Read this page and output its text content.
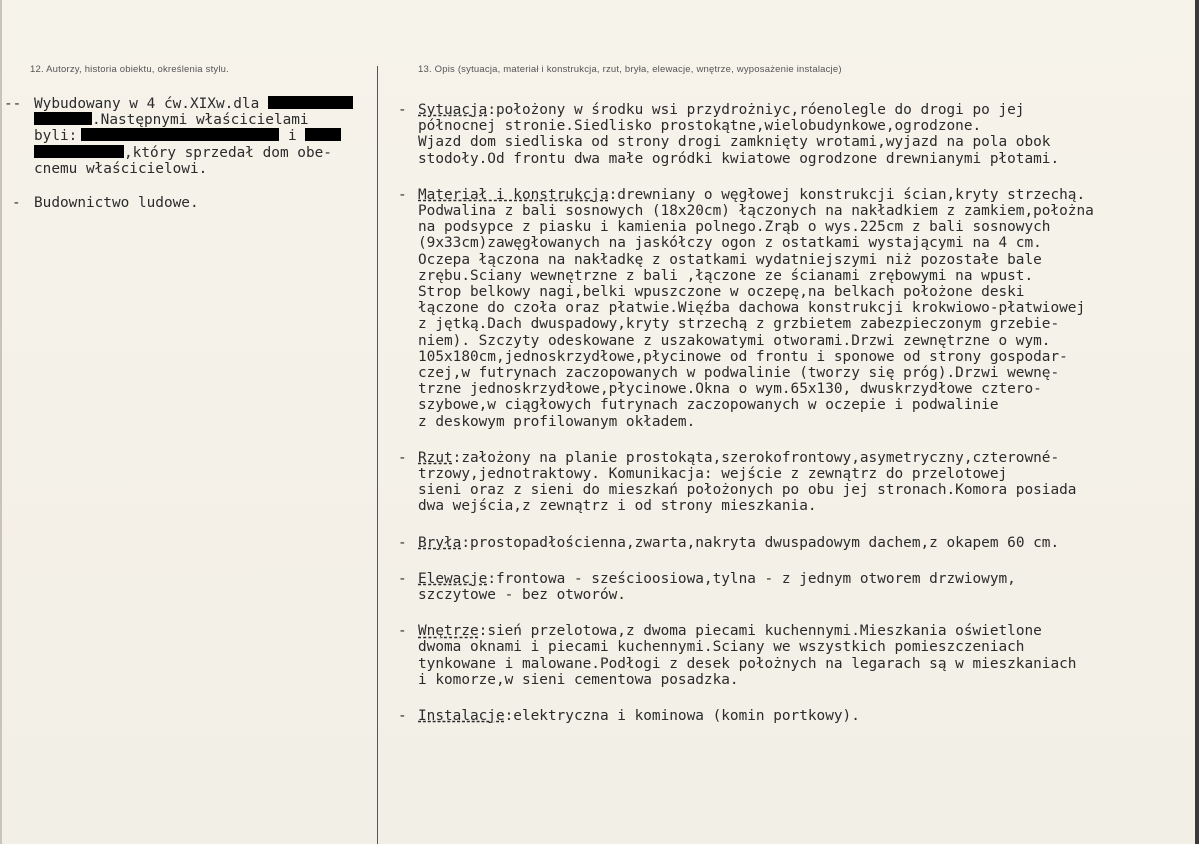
12. Autorzy, historia obiektu, określenia stylu.	13. Opis (sytuacja, materiał i konstrukcja, rzut, bryła, elewacje, wnętrze, wyposażenie instalacje)
-- Wybudowany w 4 ćw.XIXw.dla
.Następnymi właścicielami
byli:	i
,który sprzedał dom obe-
cnemu właścicielowi.
- Budownictwo ludowe.
- Sytuacja:położony w środku wsi przydrożniyc,róenolegle do drogi po jej
północnej stronie.Siedlisko prostokątne,wielobudynkowe,ogrodzone.
Wjazd dom siedliska od strony drogi zamknięty wrotami,wyjazd na pola obok
stodoły.Od frontu dwa małe ogródki kwiatowe ogrodzone drewnianymi płotami.
- Materiał i konstrukcja:drewniany o węgłowej konstrukcji ścian,kryty strzechą.
Podwalina z bali sosnowych (18x20cm) łączonych na nakładkiem z zamkiem,położna
na podsypce z piasku i kamienia polnego.Zrąb o wys.225cm z bali sosnowych
(9x33cm)zawęgłowanych na jaskółczy ogon z ostatkami wystającymi na 4 cm.
Oczepa łączona na nakładkę z ostatkami wydatniejszymi niż pozostałe bale
zrębu.Sciany wewnętrzne z bali ,łączone ze ścianami zrębowymi na wpust.
Strop belkowy nagi,belki wpuszczone w oczepę,na belkach położone deski
łączone do czoła oraz płatwie.Więźba dachowa konstrukcji krokwiowo-płatwiowej
z jętką.Dach dwuspadowy,kryty strzechą z grzbietem zabezpieczonym grzebie-
niem). Szczyty odeskowane z uszakowatymi otworami.Drzwi zewnętrzne o wym.
105x180cm,jednoskrzydłowe,płycinowe od frontu i sponowe od strony gospodar-
czej,w futrynach zaczopowanych w podwalinie (tworzy się próg).Drzwi wewnę-
trzne jednoskrzydłowe,płycinowe.Okna o wym.65x130, dwuskrzydłowe cztero-
szybowe,w ciągłowych futrynach zaczopowanych w oczepie i podwalinie
z deskowym profilowanym okładem.
- Rzut:założony na planie prostokąta,szerokofrontowy,asymetryczny,czterowné-
trzowy,jednotraktowy. Komunikacja: wejście z zewnątrz do przelotowej
sieni oraz z sieni do mieszkań położonych po obu jej stronach.Komora posiada
dwa wejścia,z zewnątrz i od strony mieszkania.
- Bryła:prostopadłościenna,zwarta,nakryta dwuspadowym dachem,z okapem 60 cm.
- Elewacje:frontowa - sześcioosiowa,tylna - z jednym otworem drzwiowym,
szczytowe - bez otworów.
- Wnętrze:sień przelotowa,z dwoma piecami kuchennymi.Mieszkania oświetlone
dwoma oknami i piecami kuchennymi.Sciany we wszystkich pomieszczeniach
tynkowane i malowane.Podłogi z desek położnych na legarach są w mieszkaniach
i komorze,w sieni cementowa posadzka.
- Instalacje:elektryczna i kominowa (komin portkowy).
